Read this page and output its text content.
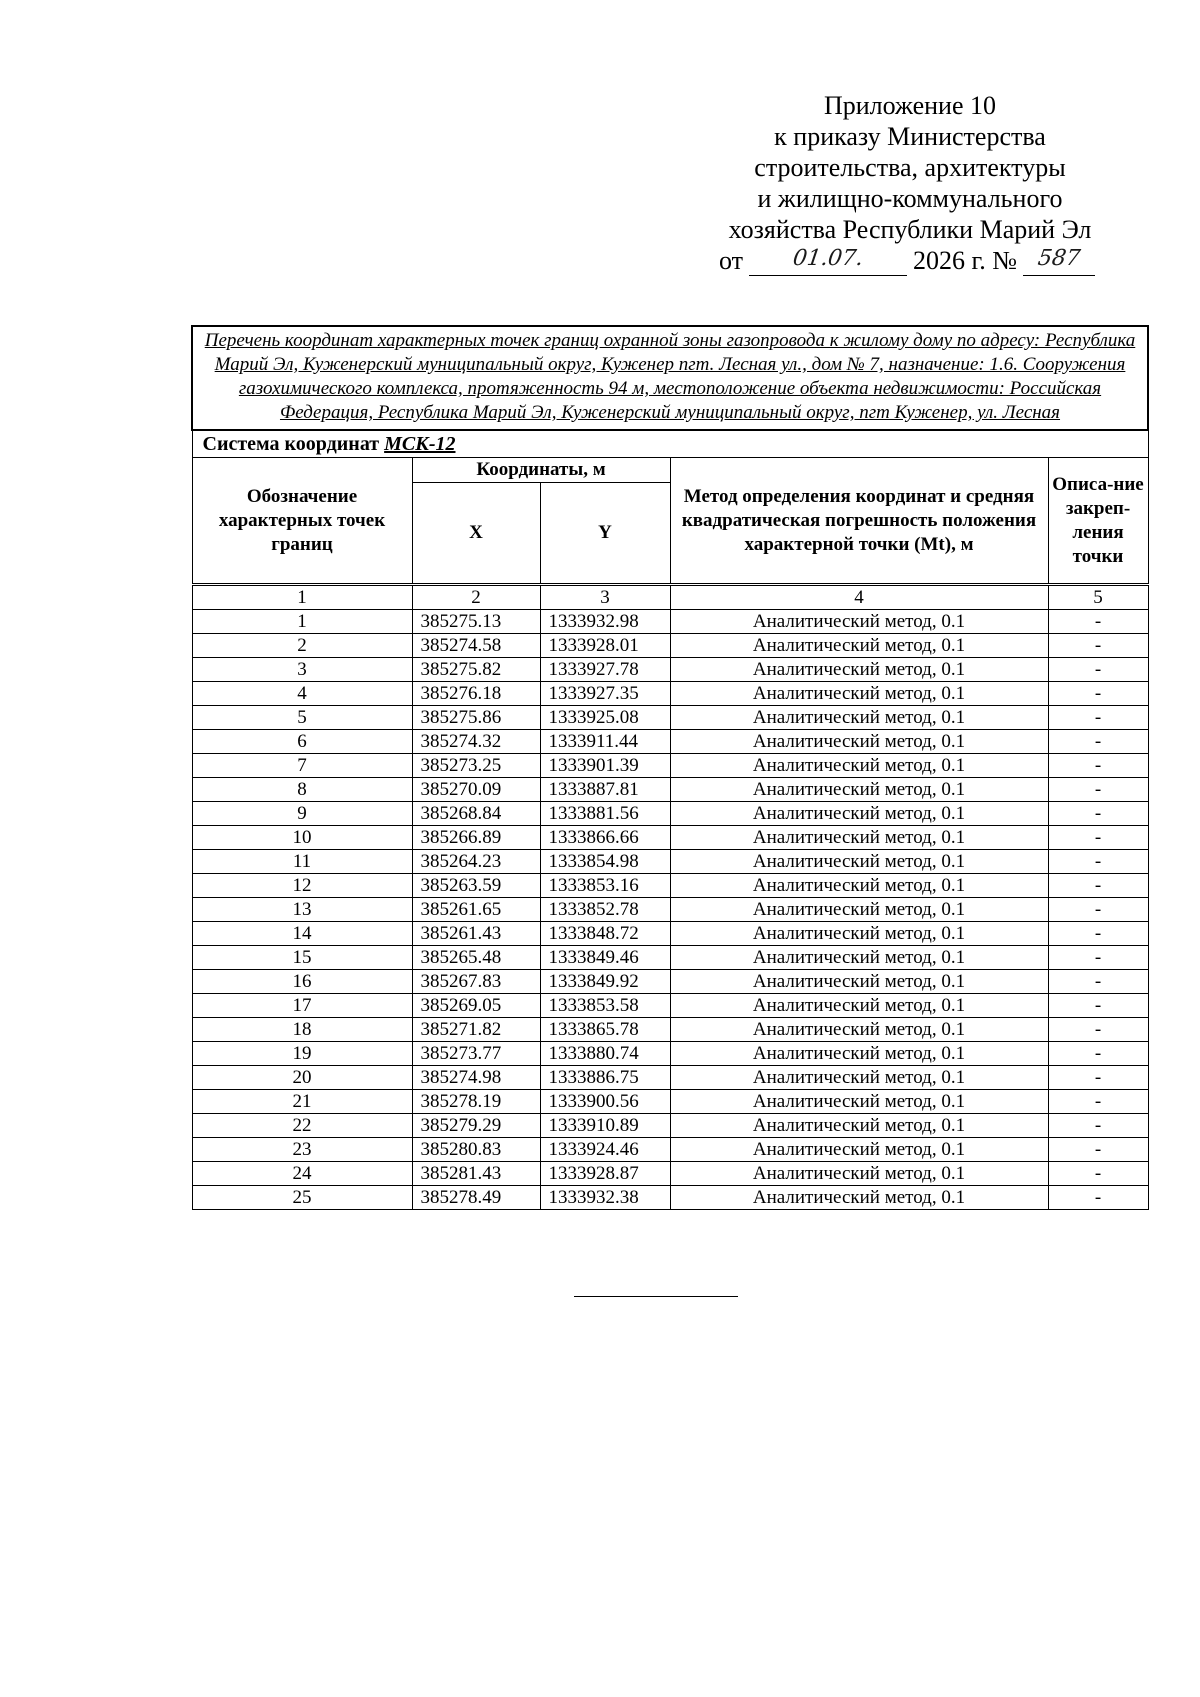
Приложение 10
к приказу Министерства
строительства, архитектуры
и жилищно-коммунального
хозяйства Республики Марий Эл
от	01.07.	2026 г. № 587
Перечень координат характерных точек границ охранной зоны газопровода к жилому дому по адресу: Республика Марий Эл, Куженерский муниципальный округ, Куженер пгт. Лесная ул., дом № 7, назначение: 1.6. Сооружения газохимического комплекса, протяженность 94 м, местоположение объекта недвижимости: Российская Федерация, Республика Марий Эл, Куженерский муниципальный округ, пгт Куженер, ул. Лесная				
Система координат МСК-12				
Обозначение характерных точек границ	Координаты, м		Метод определения координат и средняя квадратическая погрешность положения характерной точки (Mt), м	Описа-ние закреп-ления точки
	X	Y		
1	2	3	4	5
1	385275.13	1333932.98	Аналитический метод, 0.1	-
2	385274.58	1333928.01	Аналитический метод, 0.1	-
3	385275.82	1333927.78	Аналитический метод, 0.1	-
4	385276.18	1333927.35	Аналитический метод, 0.1	-
5	385275.86	1333925.08	Аналитический метод, 0.1	-
6	385274.32	1333911.44	Аналитический метод, 0.1	-
7	385273.25	1333901.39	Аналитический метод, 0.1	-
8	385270.09	1333887.81	Аналитический метод, 0.1	-
9	385268.84	1333881.56	Аналитический метод, 0.1	-
10	385266.89	1333866.66	Аналитический метод, 0.1	-
11	385264.23	1333854.98	Аналитический метод, 0.1	-
12	385263.59	1333853.16	Аналитический метод, 0.1	-
13	385261.65	1333852.78	Аналитический метод, 0.1	-
14	385261.43	1333848.72	Аналитический метод, 0.1	-
15	385265.48	1333849.46	Аналитический метод, 0.1	-
16	385267.83	1333849.92	Аналитический метод, 0.1	-
17	385269.05	1333853.58	Аналитический метод, 0.1	-
18	385271.82	1333865.78	Аналитический метод, 0.1	-
19	385273.77	1333880.74	Аналитический метод, 0.1	-
20	385274.98	1333886.75	Аналитический метод, 0.1	-
21	385278.19	1333900.56	Аналитический метод, 0.1	-
22	385279.29	1333910.89	Аналитический метод, 0.1	-
23	385280.83	1333924.46	Аналитический метод, 0.1	-
24	385281.43	1333928.87	Аналитический метод, 0.1	-
25	385278.49	1333932.38	Аналитический метод, 0.1	-
